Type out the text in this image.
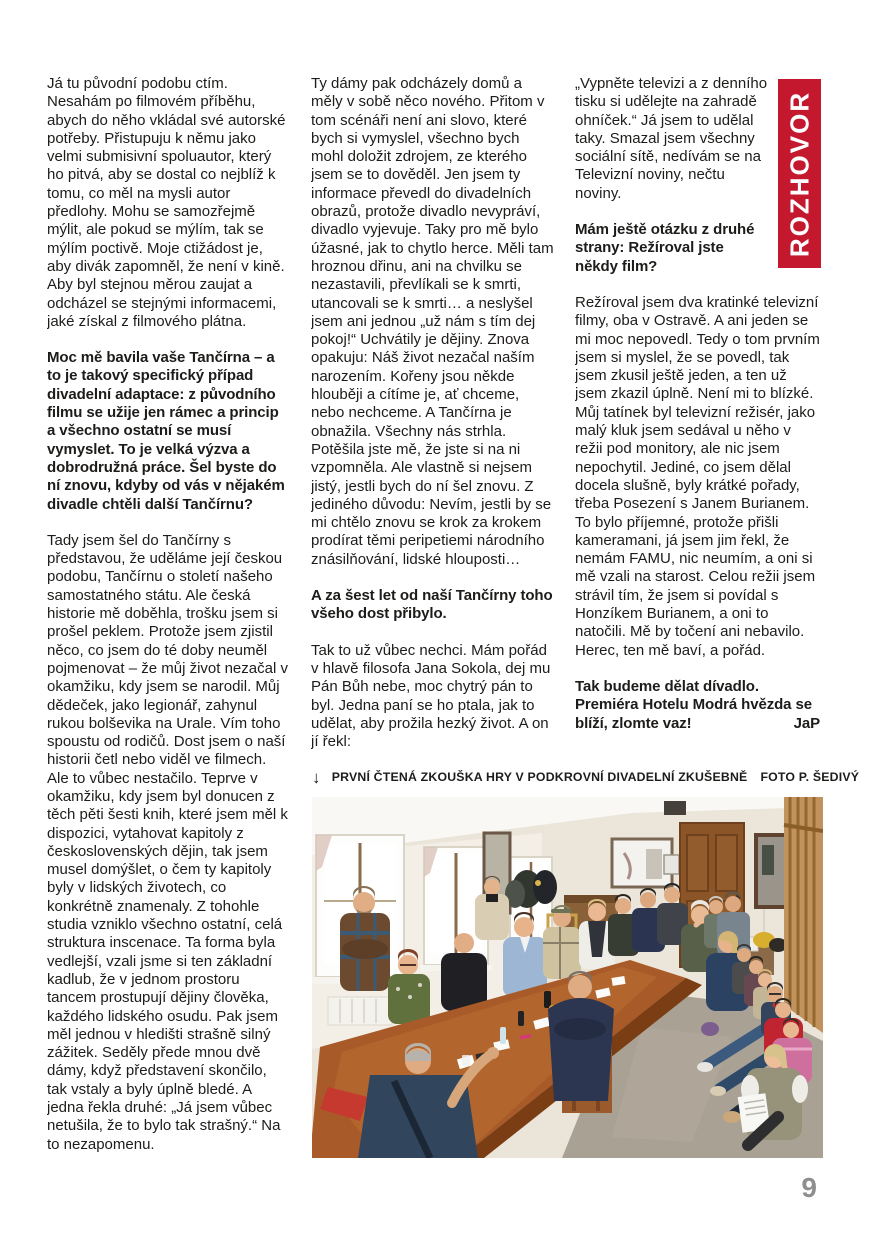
Já tu původní podobu ctím. Nesahám po filmovém příběhu, abych do něho vkládal své autorské potřeby. Přistupuju k němu jako velmi submisivní spoluautor, který ho pitvá, aby se dostal co nejblíž k tomu, co měl na mysli autor předlohy. Mohu se samozřejmě mýlit, ale pokud se mýlím, tak se mýlím poctivě. Moje ctižádost je, aby divák zapomněl, že není v kině. Aby byl stejnou měrou zaujat a odcházel se stejnými informacemi, jaké získal z filmového plátna.

Moc mě bavila vaše Tančírna – a to je takový specifický případ divadelní adaptace: z původního filmu se užije jen rámec a princip a všechno ostatní se musí vymyslet. To je velká výzva a dobrodružná práce. Šel byste do ní znovu, kdyby od vás v nějakém divadle chtěli další Tančírnu?

Tady jsem šel do Tančírny s představou, že uděláme její českou podobu, Tančírnu o století našeho samostatného státu. Ale česká historie mě doběhla, trošku jsem si prošel peklem. Protože jsem zjistil něco, co jsem do té doby neuměl pojmenovat – že můj život nezačal v okamžiku, kdy jsem se narodil. Můj dědeček, jako legionář, zahynul rukou bolševika na Urale. Vím toho spoustu od rodičů. Dost jsem o naší historii četl nebo viděl ve filmech. Ale to vůbec nestačilo. Teprve v okamžiku, kdy jsem byl donucen z těch pěti šesti knih, které jsem měl k dispozici, vytahovat kapitoly z československých dějin, tak jsem musel domýšlet, o čem ty kapitoly byly v lidských životech, co konkrétně znamenaly. Z tohohle studia vzniklo všechno ostatní, celá struktura inscenace. Ta forma byla vedlejší, vzali jsme si ten základní kadlub, že v jednom prostoru tancem prostupují dějiny člověka, každého lidského osudu. Pak jsem měl jednou v hledišti strašně silný zážitek. Seděly přede mnou dvě dámy, když představení skončilo, tak vstaly a byly úplně bledé. A jedna řekla druhé: „Já jsem vůbec netušila, že to bylo tak strašný.“ Na to nezapomenu.

Ty dámy pak odcházely domů a měly v sobě něco nového. Přitom v tom scénáři není ani slovo, které bych si vymyslel, všechno bych mohl doložit zdrojem, ze kterého jsem se to dověděl. Jen jsem ty informace převedl do divadelních obrazů, protože divadlo nevypráví, divadlo vyjevuje. Taky pro mě bylo úžasné, jak to chytlo herce. Měli tam hroznou dřinu, ani na chvilku se nezastavili, převlíkali se k smrti, utancovali se k smrti… a neslyšel jsem ani jednou „už nám s tím dej pokoj!“ Uchvátily je dějiny. Znova opakuju: Náš život nezačal naším narozením. Kořeny jsou někde hlouběji a cítíme je, ať chceme, nebo nechceme. A Tančírna je obnažila. Všechny nás strhla. Potěšila jste mě, že jste si na ni vzpomněla. Ale vlastně si nejsem jistý, jestli bych do ní šel znovu. Z jediného důvodu: Nevím, jestli by se mi chtělo znovu se krok za krokem prodírat těmi peripetiemi národního znásilňování, lidské hlouposti…

A za šest let od naší Tančírny toho všeho dost přibylo.

Tak to už vůbec nechci. Mám pořád v hlavě filosofa Jana Sokola, dej mu Pán Bůh nebe, moc chytrý pán to byl. Jedna paní se ho ptala, jak to udělat, aby prožila hezký život. A on jí řekl:

„Vypněte televizi a z denního tisku si udělejte na zahradě ohníček.“ Já jsem to udělal taky. Smazal jsem všechny sociální sítě, nedívám se na Televizní noviny, nečtu noviny.

Mám ještě otázku z druhé strany: Režíroval jste někdy film?

Režíroval jsem dva kratinké televizní filmy, oba v Ostravě. A ani jeden se mi moc nepovedl. Tedy o tom prvním jsem si myslel, že se povedl, tak jsem zkusil ještě jeden, a ten už jsem zkazil úplně. Není mi to blízké. Můj tatínek byl televizní režisér, jako malý kluk jsem sedával u něho v režii pod monitory, ale nic jsem nepochytil. Jediné, co jsem dělal docela slušně, byly krátké pořady, třeba Posezení s Janem Burianem. To bylo příjemné, protože přišli kameramani, já jsem jim řekl, že nemám FAMU, nic neumím, a oni si mě vzali na starost. Celou režii jsem strávil tím, že jsem si povídal s Honzíkem Burianem, a oni to natočili. Mě by točení ani nebavilo. Herec, ten mě baví, a pořád.

Tak budeme dělat dívadlo. Premiéra Hotelu Modrá hvězda se blíží, zlomte vaz!	JaP

ROZHOVOR
↓ PRVNÍ ČTENÁ ZKOUŠKA HRY V PODKROVNÍ DIVADELNÍ ZKUŠEBNĚ FOTO P. ŠEDIVÝ
9
